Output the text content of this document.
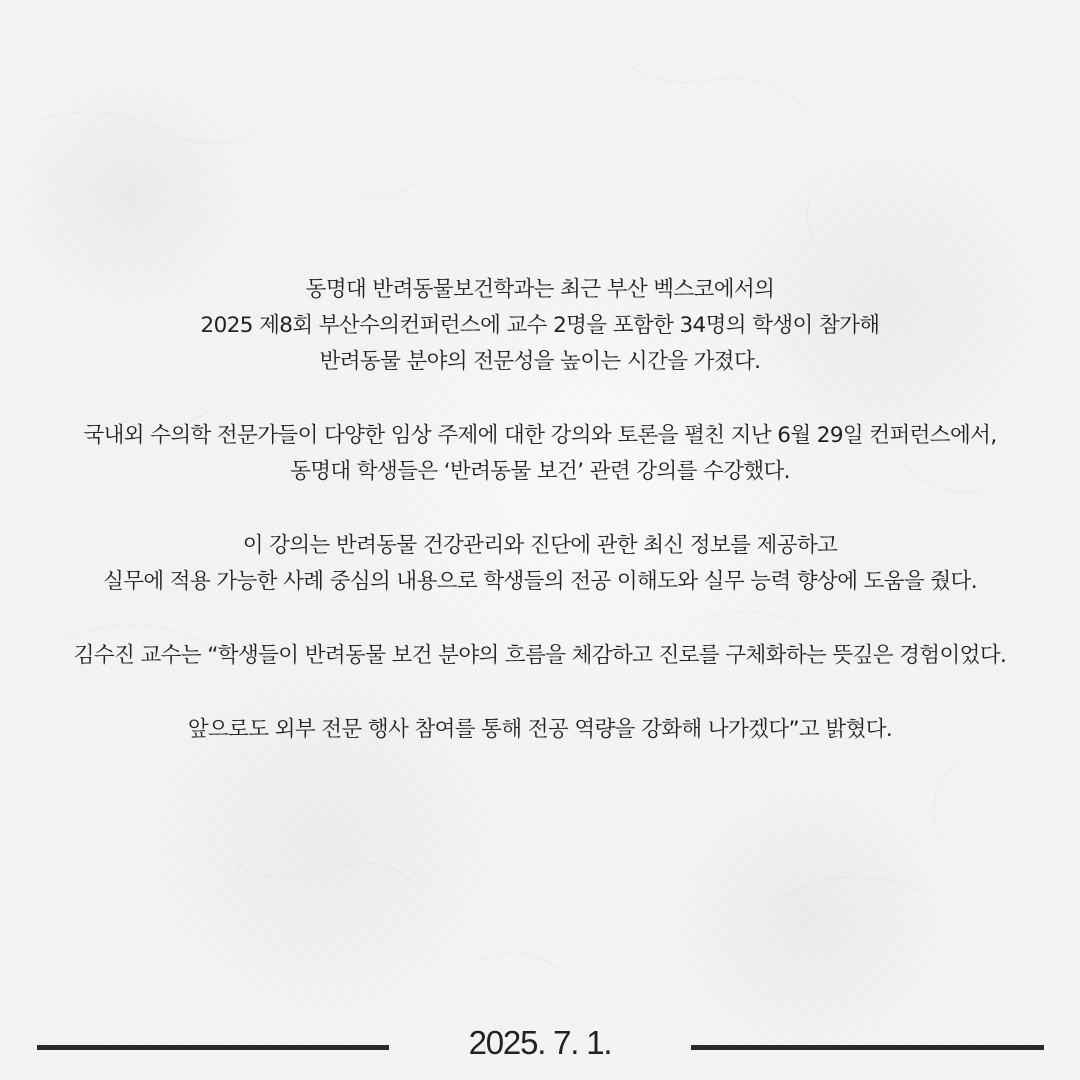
동명대 반려동물보건학과는 최근 부산 벡스코에서의
2025 제8회 부산수의컨퍼런스에 교수 2명을 포함한 34명의 학생이 참가해
반려동물 분야의 전문성을 높이는 시간을 가졌다.
국내외 수의학 전문가들이 다양한 임상 주제에 대한 강의와 토론을 펼친 지난 6월 29일 컨퍼런스에서,
동명대 학생들은 ‘반려동물 보건’ 관련 강의를 수강했다.
이 강의는 반려동물 건강관리와 진단에 관한 최신 정보를 제공하고
실무에 적용 가능한 사례 중심의 내용으로 학생들의 전공 이해도와 실무 능력 향상에 도움을 줬다.
김수진 교수는 “학생들이 반려동물 보건 분야의 흐름을 체감하고 진로를 구체화하는 뜻깊은 경험이었다.
앞으로도 외부 전문 행사 참여를 통해 전공 역량을 강화해 나가겠다”고 밝혔다.
2025. 7. 1.
